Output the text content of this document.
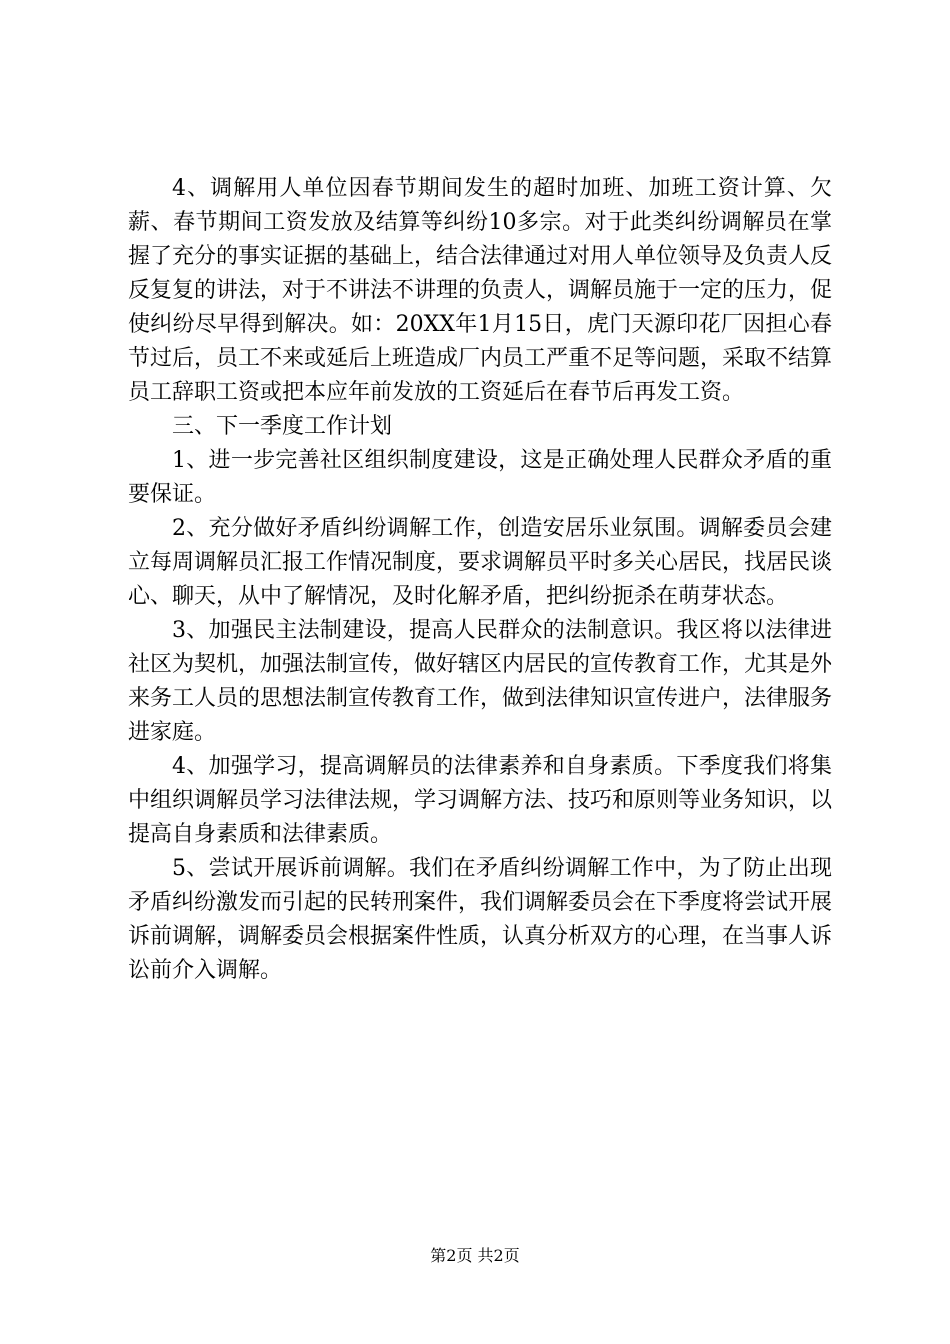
4、调解用人单位因春节期间发生的超时加班、加班工资计算、欠薪、春节期间工资发放及结算等纠纷10多宗。对于此类纠纷调解员在掌握了充分的事实证据的基础上，结合法律通过对用人单位领导及负责人反反复复的讲法，对于不讲法不讲理的负责人，调解员施于一定的压力，促使纠纷尽早得到解决。如：20XX年1月15日，虎门天源印花厂因担心春节过后，员工不来或延后上班造成厂内员工严重不足等问题，采取不结算员工辞职工资或把本应年前发放的工资延后在春节后再发工资。

三、下一季度工作计划

1、进一步完善社区组织制度建设，这是正确处理人民群众矛盾的重要保证。

2、充分做好矛盾纠纷调解工作，创造安居乐业氛围。调解委员会建立每周调解员汇报工作情况制度，要求调解员平时多关心居民，找居民谈心、聊天，从中了解情况，及时化解矛盾，把纠纷扼杀在萌芽状态。

3、加强民主法制建设，提高人民群众的法制意识。我区将以法律进社区为契机，加强法制宣传，做好辖区内居民的宣传教育工作，尤其是外来务工人员的思想法制宣传教育工作，做到法律知识宣传进户，法律服务进家庭。

4、加强学习，提高调解员的法律素养和自身素质。下季度我们将集中组织调解员学习法律法规，学习调解方法、技巧和原则等业务知识，以提高自身素质和法律素质。

5、尝试开展诉前调解。我们在矛盾纠纷调解工作中，为了防止出现矛盾纠纷激发而引起的民转刑案件，我们调解委员会在下季度将尝试开展诉前调解，调解委员会根据案件性质，认真分析双方的心理，在当事人诉讼前介入调解。

第2页 共2页
